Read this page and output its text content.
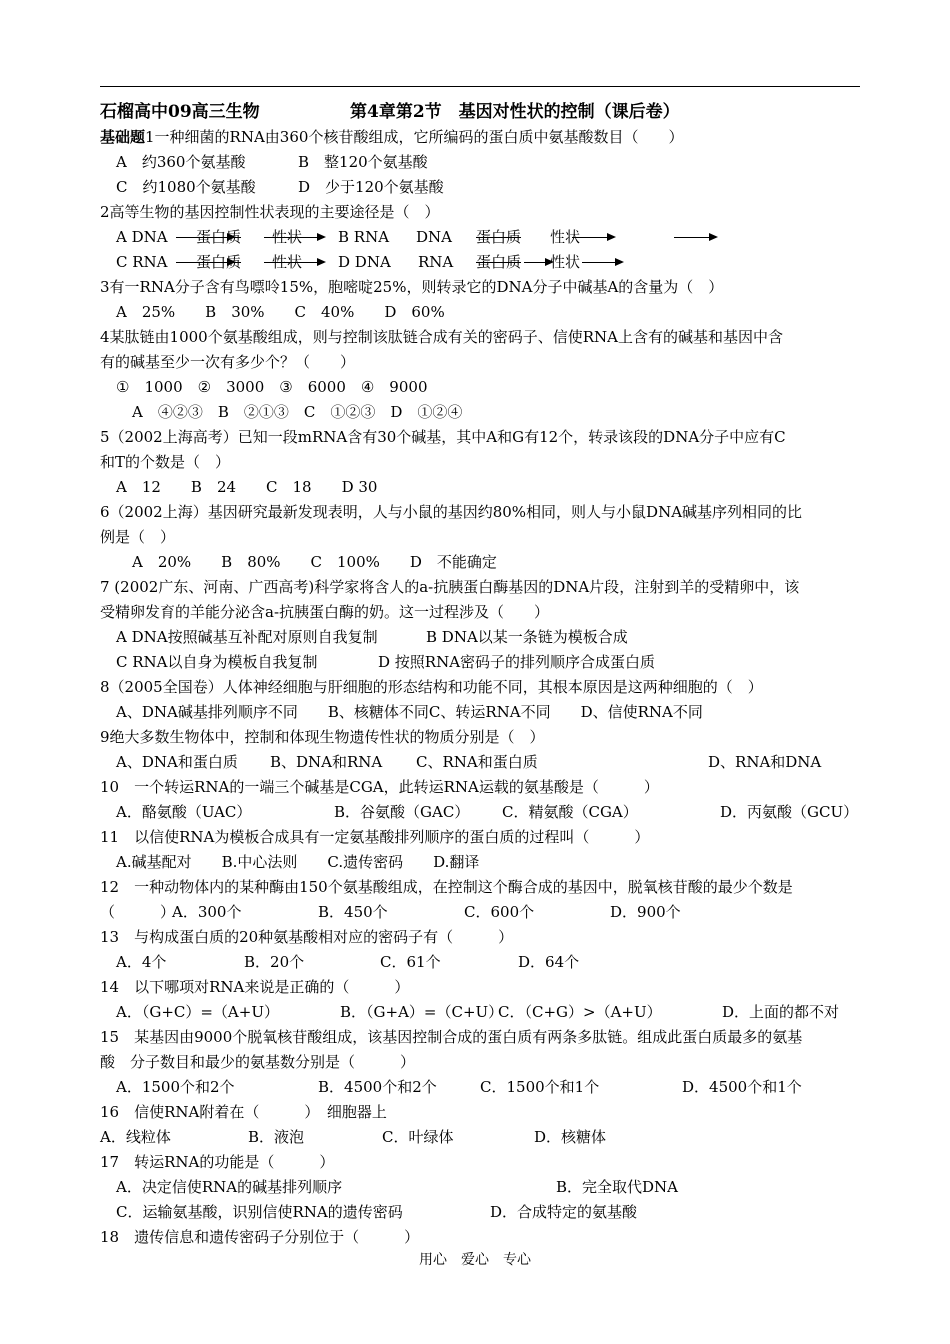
石榴高中09高三生物	第4章第2节　基因对性状的控制（课后卷）
基础题1一种细菌的RNA由360个核苷酸组成，它所编码的蛋白质中氨基酸数目（　　）
A　约360个氨基酸	B　整120个氨基酸
C　约1080个氨基酸	D　少于120个氨基酸
2高等生物的基因控制性状表现的主要途径是（　）
A DNA 蛋白质 性状 B RNA DNA 蛋白质 性状
C RNA 蛋白质 性状 D DNA RNA 蛋白质 性状
3有一RNA分子含有鸟嘌呤15%，胞嘧啶25%，则转录它的DNA分子中碱基A的含量为（　）
A　25%　　B　30%　　C　40%　　D　60%
4某肽链由1000个氨基酸组成，则与控制该肽链合成有关的密码子、信使RNA上含有的碱基和基因中含
有的碱基至少一次有多少个？（　　）
①　1000　②　3000　③　6000　④　9000
A　④②③　B　②①③　C　①②③　D　①②④
5（2002上海高考）已知一段mRNA含有30个碱基，其中A和G有12个，转录该段的DNA分子中应有C
和T的个数是（　）
A　12　　B　24　　C　18　　D 30
6（2002上海）基因研究最新发现表明，人与小鼠的基因约80%相同，则人与小鼠DNA碱基序列相同的比
例是（　）
A　20%　　B　80%　　C　100%　　D　不能确定
7 (2002广东、河南、广西高考)科学家将含人的a-抗胰蛋白酶基因的DNA片段，注射到羊的受精卵中，该
受精卵发育的羊能分泌含a-抗胰蛋白酶的奶。这一过程涉及（　　）
A DNA按照碱基互补配对原则自我复制	B DNA以某一条链为模板合成
C RNA以自身为模板自我复制	D 按照RNA密码子的排列顺序合成蛋白质
8（2005全国卷）人体神经细胞与肝细胞的形态结构和功能不同，其根本原因是这两种细胞的（　）
A、DNA碱基排列顺序不同　　B、核糖体不同C、转运RNA不同　　D、信使RNA不同
9绝大多数生物体中，控制和体现生物遗传性状的物质分别是（　）
A、DNA和蛋白质 B、DNA和RNA C、RNA和蛋白质	D、RNA和DNA
10　一个转运RNA的一端三个碱基是CGA，此转运RNA运载的氨基酸是（　　　）
A．酪氨酸（UAC）	B．谷氨酸（GAC） C．精氨酸（CGA）	D．丙氨酸（GCU）
11　以信使RNA为模板合成具有一定氨基酸排列顺序的蛋白质的过程叫（　　　）
A.碱基配对　　B.中心法则　　C.遗传密码　　D.翻译
12　一种动物体内的某种酶由150个氨基酸组成，在控制这个酶合成的基因中，脱氧核苷酸的最少个数是
（　　　）A．300个	B．450个	C．600个	D．900个
13　与构成蛋白质的20种氨基酸相对应的密码子有（　　　）
A．4个	B．20个	C．61个	D．64个
14　以下哪项对RNA来说是正确的（　　　）
A．（G+C）=（A+U）	B．（G+A）=（C+U）C．（C+G）>（A+U）	D．上面的都不对
15　某基因由9000个脱氧核苷酸组成，该基因控制合成的蛋白质有两条多肽链。组成此蛋白质最多的氨基
酸　分子数目和最少的氨基数分别是（　　　）
A．1500个和2个	B．4500个和2个	C．1500个和1个	D．4500个和1个
16　信使RNA附着在（　　　）　细胞器上
A．线粒体	B．液泡	C．叶绿体	D．核糖体
17　转运RNA的功能是（　　　）
A．决定信使RNA的碱基排列顺序	B．完全取代DNA
C．运输氨基酸，识别信使RNA的遗传密码	D．合成特定的氨基酸
18　遗传信息和遗传密码子分别位于（　　　）
用心　爱心　专心
